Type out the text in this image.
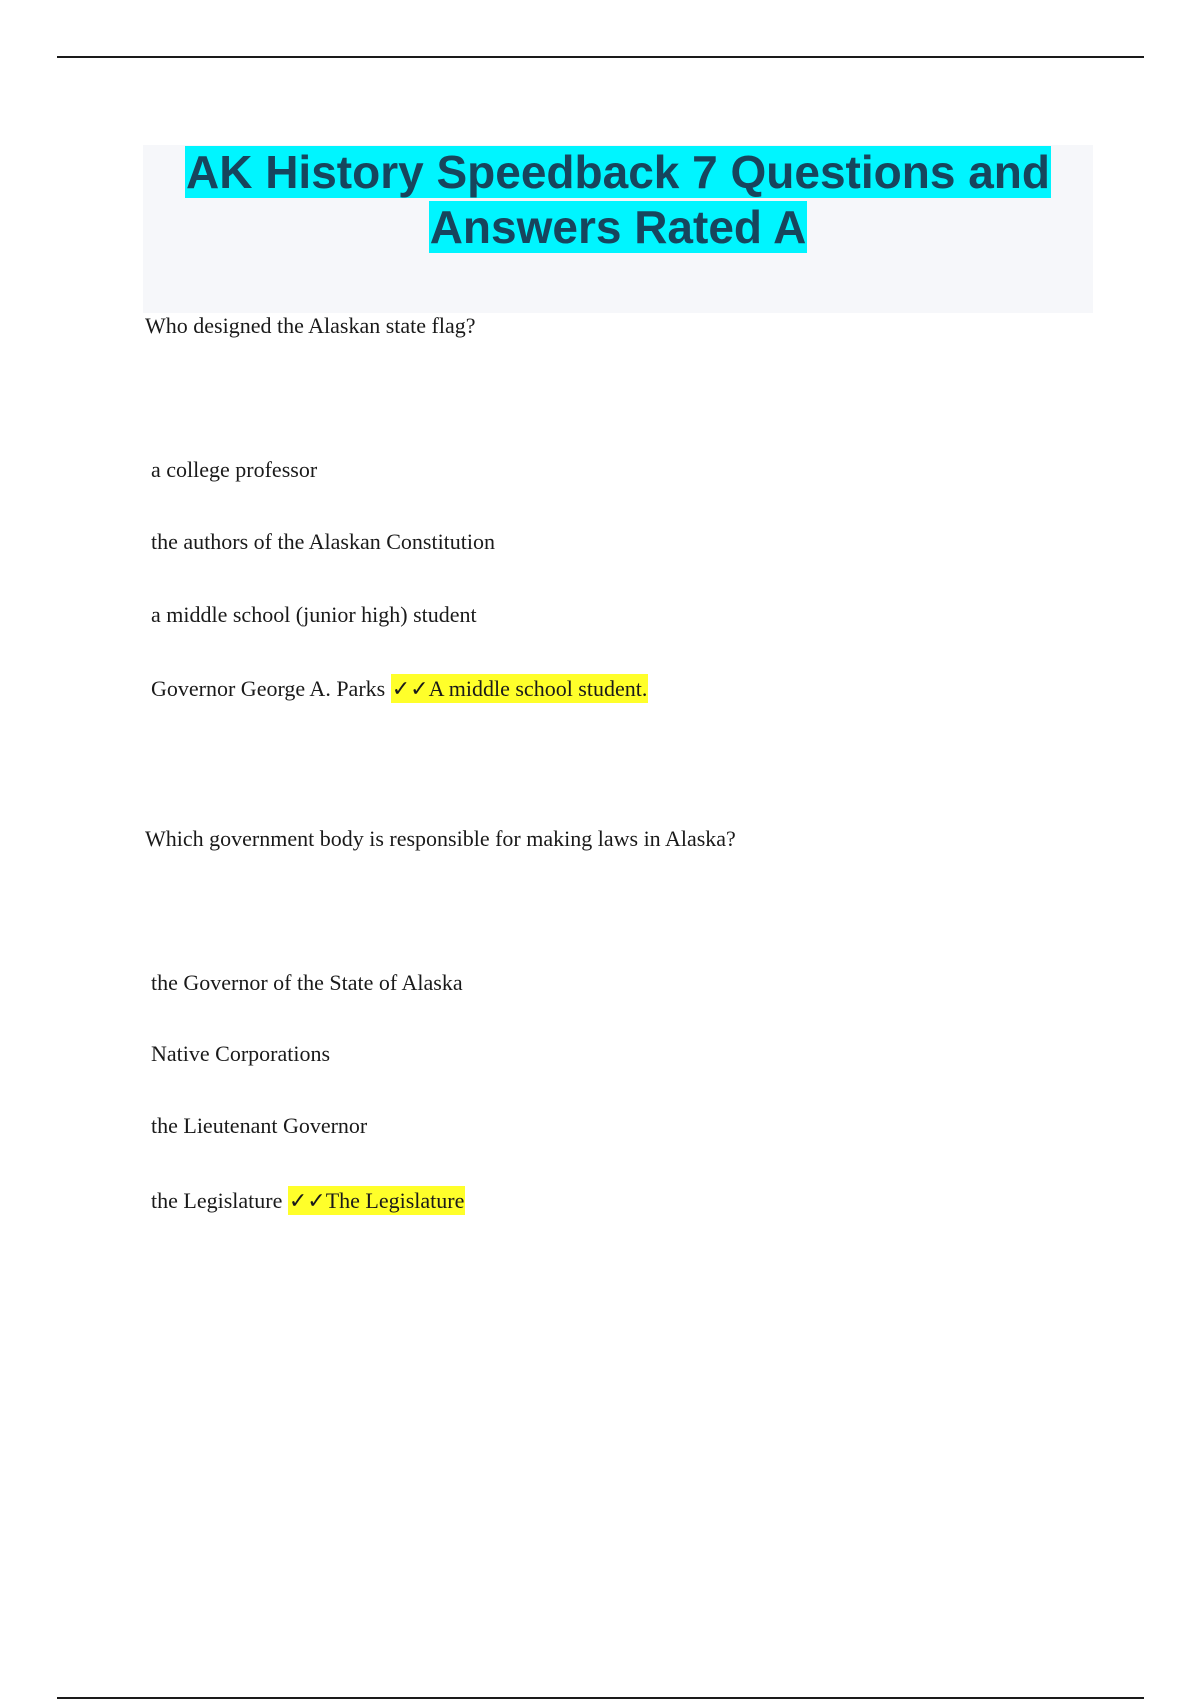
AK History Speedback 7 Questions and
Answers Rated A
Who designed the Alaskan state flag?
a college professor
the authors of the Alaskan Constitution
a middle school (junior high) student
Governor George A. Parks ✓✓A middle school student.
Which government body is responsible for making laws in Alaska?
the Governor of the State of Alaska
Native Corporations
the Lieutenant Governor
the Legislature ✓✓The Legislature
